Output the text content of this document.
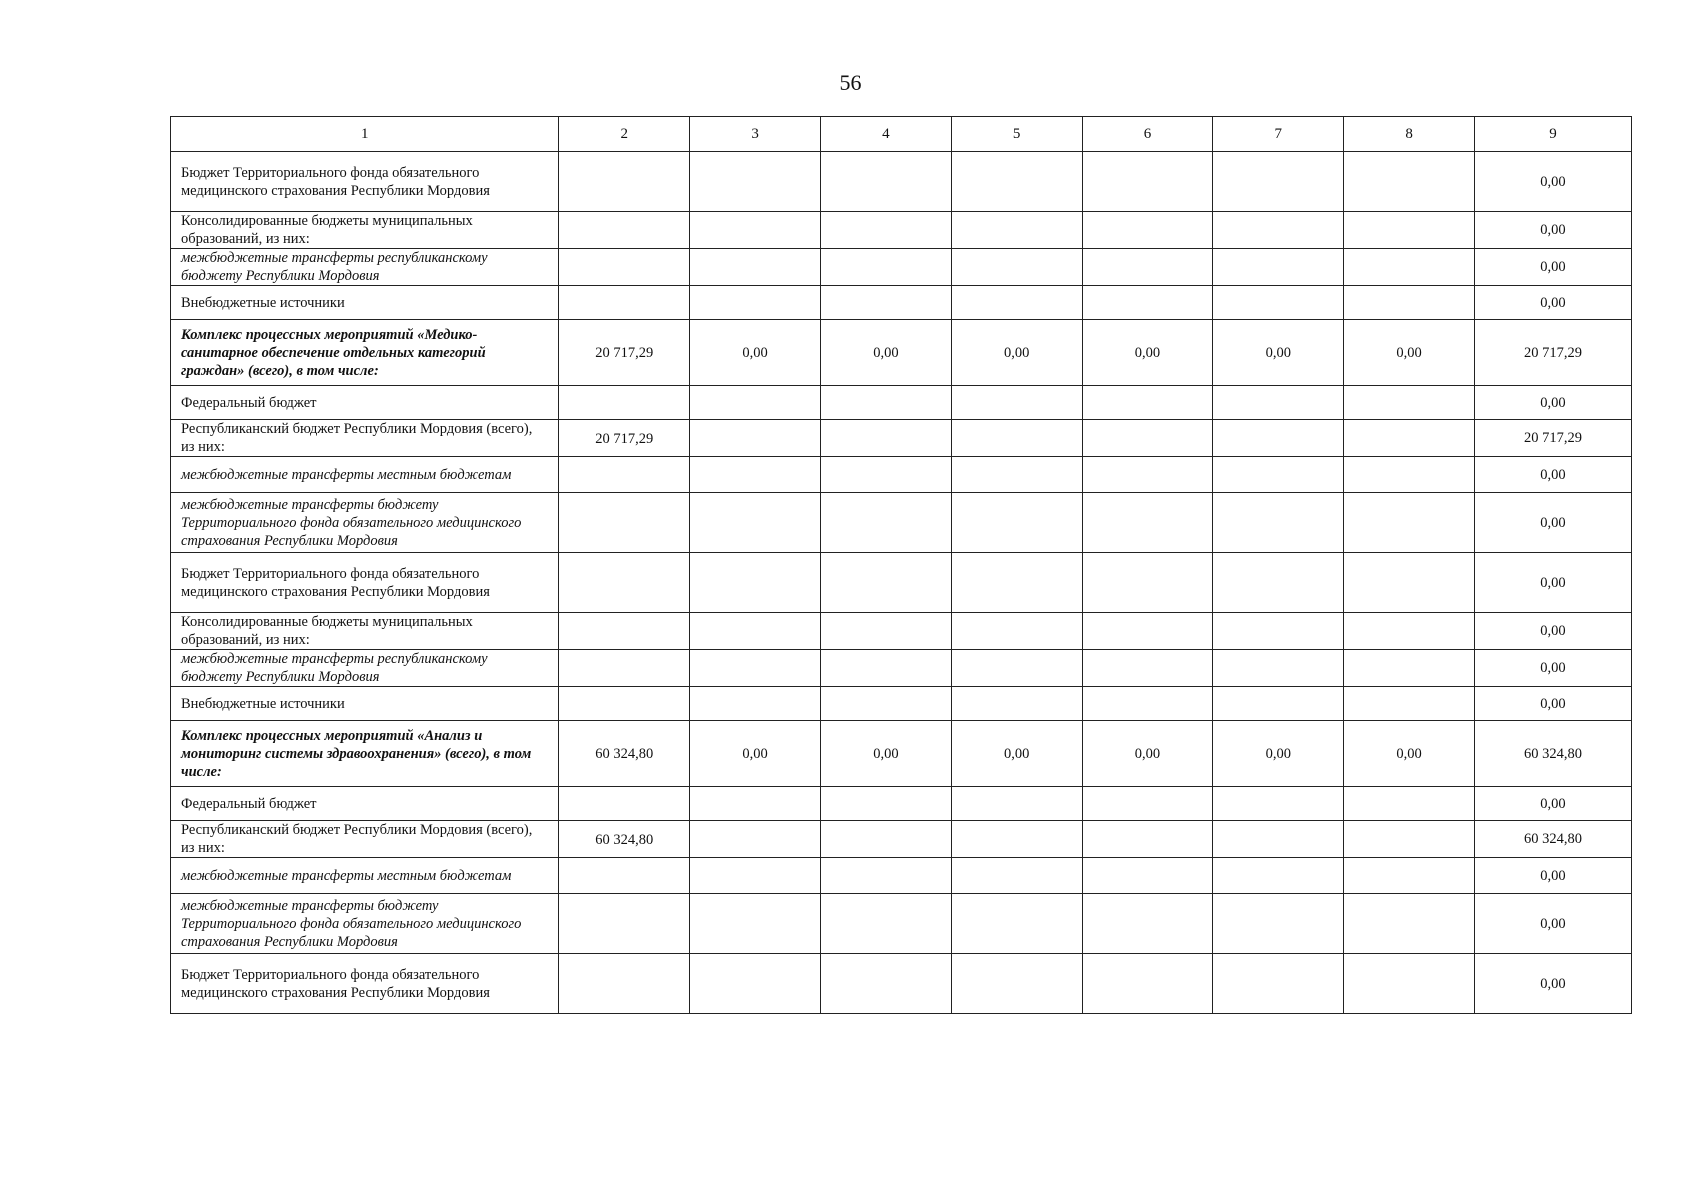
56
1	2	3	4	5	6	7	8	9
Бюджет Территориального фонда обязательного медицинского страхования Республики Мордовия								0,00
Консолидированные бюджеты муниципальных образований, из них:								0,00
межбюджетные трансферты республиканскому бюджету Республики Мордовия								0,00
Внебюджетные источники								0,00
Комплекс процессных мероприятий «Медико-санитарное обеспечение отдельных категорий граждан» (всего), в том числе:	20 717,29	0,00	0,00	0,00	0,00	0,00	0,00	20 717,29
Федеральный бюджет								0,00
Республиканский бюджет Республики Мордовия (всего), из них:	20 717,29							20 717,29
межбюджетные трансферты местным бюджетам								0,00
межбюджетные трансферты бюджету Территориального фонда обязательного медицинского страхования Республики Мордовия								0,00
Бюджет Территориального фонда обязательного медицинского страхования Республики Мордовия								0,00
Консолидированные бюджеты муниципальных образований, из них:								0,00
межбюджетные трансферты республиканскому бюджету Республики Мордовия								0,00
Внебюджетные источники								0,00
Комплекс процессных мероприятий «Анализ и мониторинг системы здравоохранения» (всего), в том числе:	60 324,80	0,00	0,00	0,00	0,00	0,00	0,00	60 324,80
Федеральный бюджет								0,00
Республиканский бюджет Республики Мордовия (всего), из них:	60 324,80							60 324,80
межбюджетные трансферты местным бюджетам								0,00
межбюджетные трансферты бюджету Территориального фонда обязательного медицинского страхования Республики Мордовия								0,00
Бюджет Территориального фонда обязательного медицинского страхования Республики Мордовия								0,00
